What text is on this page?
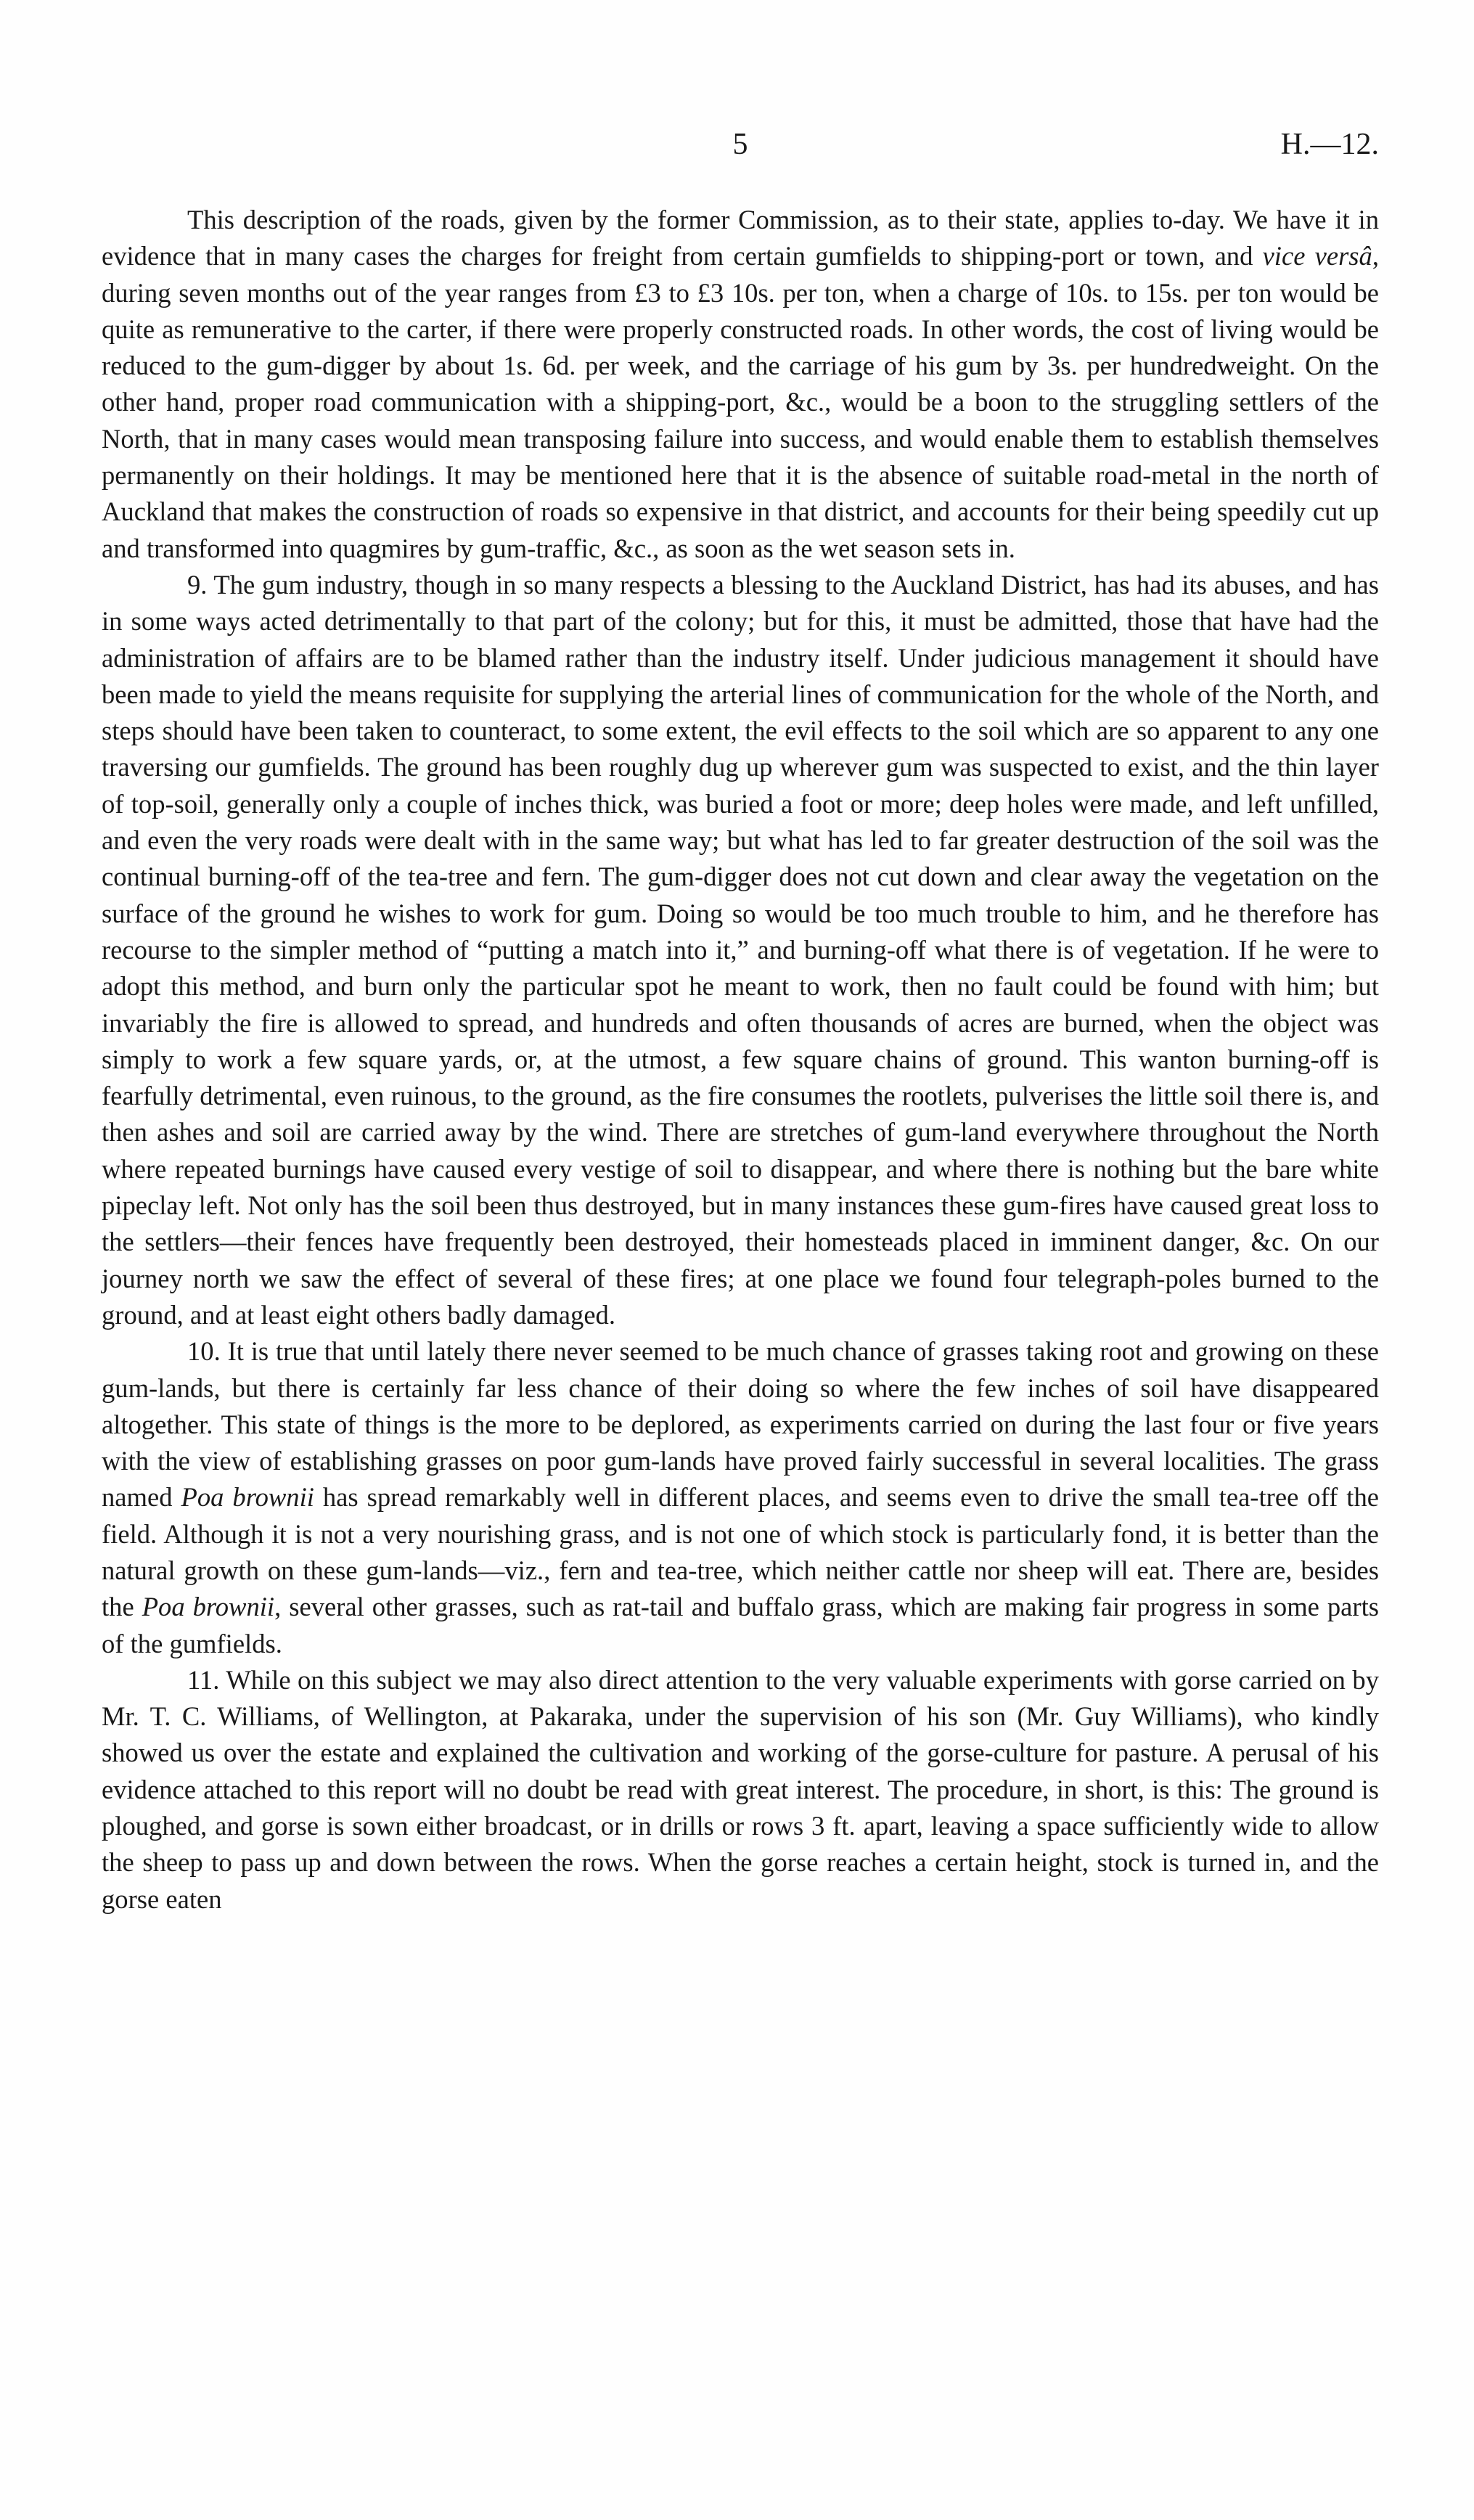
5	H.—12.

This description of the roads, given by the former Commission, as to their state, applies to-day. We have it in evidence that in many cases the charges for freight from certain gumfields to shipping-port or town, and vice versâ, during seven months out of the year ranges from £3 to £3 10s. per ton, when a charge of 10s. to 15s. per ton would be quite as remunerative to the carter, if there were properly constructed roads. In other words, the cost of living would be reduced to the gum-digger by about 1s. 6d. per week, and the carriage of his gum by 3s. per hundredweight. On the other hand, proper road communication with a shipping-port, &c., would be a boon to the struggling settlers of the North, that in many cases would mean transposing failure into success, and would enable them to establish themselves permanently on their holdings. It may be mentioned here that it is the absence of suitable road-metal in the north of Auckland that makes the construction of roads so expensive in that district, and accounts for their being speedily cut up and transformed into quagmires by gum-traffic, &c., as soon as the wet season sets in.

9. The gum industry, though in so many respects a blessing to the Auckland District, has had its abuses, and has in some ways acted detrimentally to that part of the colony; but for this, it must be admitted, those that have had the administration of affairs are to be blamed rather than the industry itself. Under judicious management it should have been made to yield the means requisite for supplying the arterial lines of communication for the whole of the North, and steps should have been taken to counteract, to some extent, the evil effects to the soil which are so apparent to any one traversing our gumfields. The ground has been roughly dug up wherever gum was suspected to exist, and the thin layer of top-soil, generally only a couple of inches thick, was buried a foot or more; deep holes were made, and left unfilled, and even the very roads were dealt with in the same way; but what has led to far greater destruction of the soil was the continual burning-off of the tea-tree and fern. The gum-digger does not cut down and clear away the vegetation on the surface of the ground he wishes to work for gum. Doing so would be too much trouble to him, and he therefore has recourse to the simpler method of “putting a match into it,” and burning-off what there is of vegetation. If he were to adopt this method, and burn only the particular spot he meant to work, then no fault could be found with him; but invariably the fire is allowed to spread, and hundreds and often thousands of acres are burned, when the object was simply to work a few square yards, or, at the utmost, a few square chains of ground. This wanton burning-off is fearfully detrimental, even ruinous, to the ground, as the fire consumes the rootlets, pulverises the little soil there is, and then ashes and soil are carried away by the wind. There are stretches of gum-land everywhere throughout the North where repeated burnings have caused every vestige of soil to disappear, and where there is nothing but the bare white pipeclay left. Not only has the soil been thus destroyed, but in many instances these gum-fires have caused great loss to the settlers—their fences have frequently been destroyed, their homesteads placed in imminent danger, &c. On our journey north we saw the effect of several of these fires; at one place we found four telegraph-poles burned to the ground, and at least eight others badly damaged.

10. It is true that until lately there never seemed to be much chance of grasses taking root and growing on these gum-lands, but there is certainly far less chance of their doing so where the few inches of soil have disappeared altogether. This state of things is the more to be deplored, as experiments carried on during the last four or five years with the view of establishing grasses on poor gum-lands have proved fairly successful in several localities. The grass named Poa brownii has spread remarkably well in different places, and seems even to drive the small tea-tree off the field. Although it is not a very nourishing grass, and is not one of which stock is particularly fond, it is better than the natural growth on these gum-lands—viz., fern and tea-tree, which neither cattle nor sheep will eat. There are, besides the Poa brownii, several other grasses, such as rat-tail and buffalo grass, which are making fair progress in some parts of the gumfields.

11. While on this subject we may also direct attention to the very valuable experiments with gorse carried on by Mr. T. C. Williams, of Wellington, at Pakaraka, under the supervision of his son (Mr. Guy Williams), who kindly showed us over the estate and explained the cultivation and working of the gorse-culture for pasture. A perusal of his evidence attached to this report will no doubt be read with great interest. The procedure, in short, is this: The ground is ploughed, and gorse is sown either broadcast, or in drills or rows 3 ft. apart, leaving a space sufficiently wide to allow the sheep to pass up and down between the rows. When the gorse reaches a certain height, stock is turned in, and the gorse eaten
